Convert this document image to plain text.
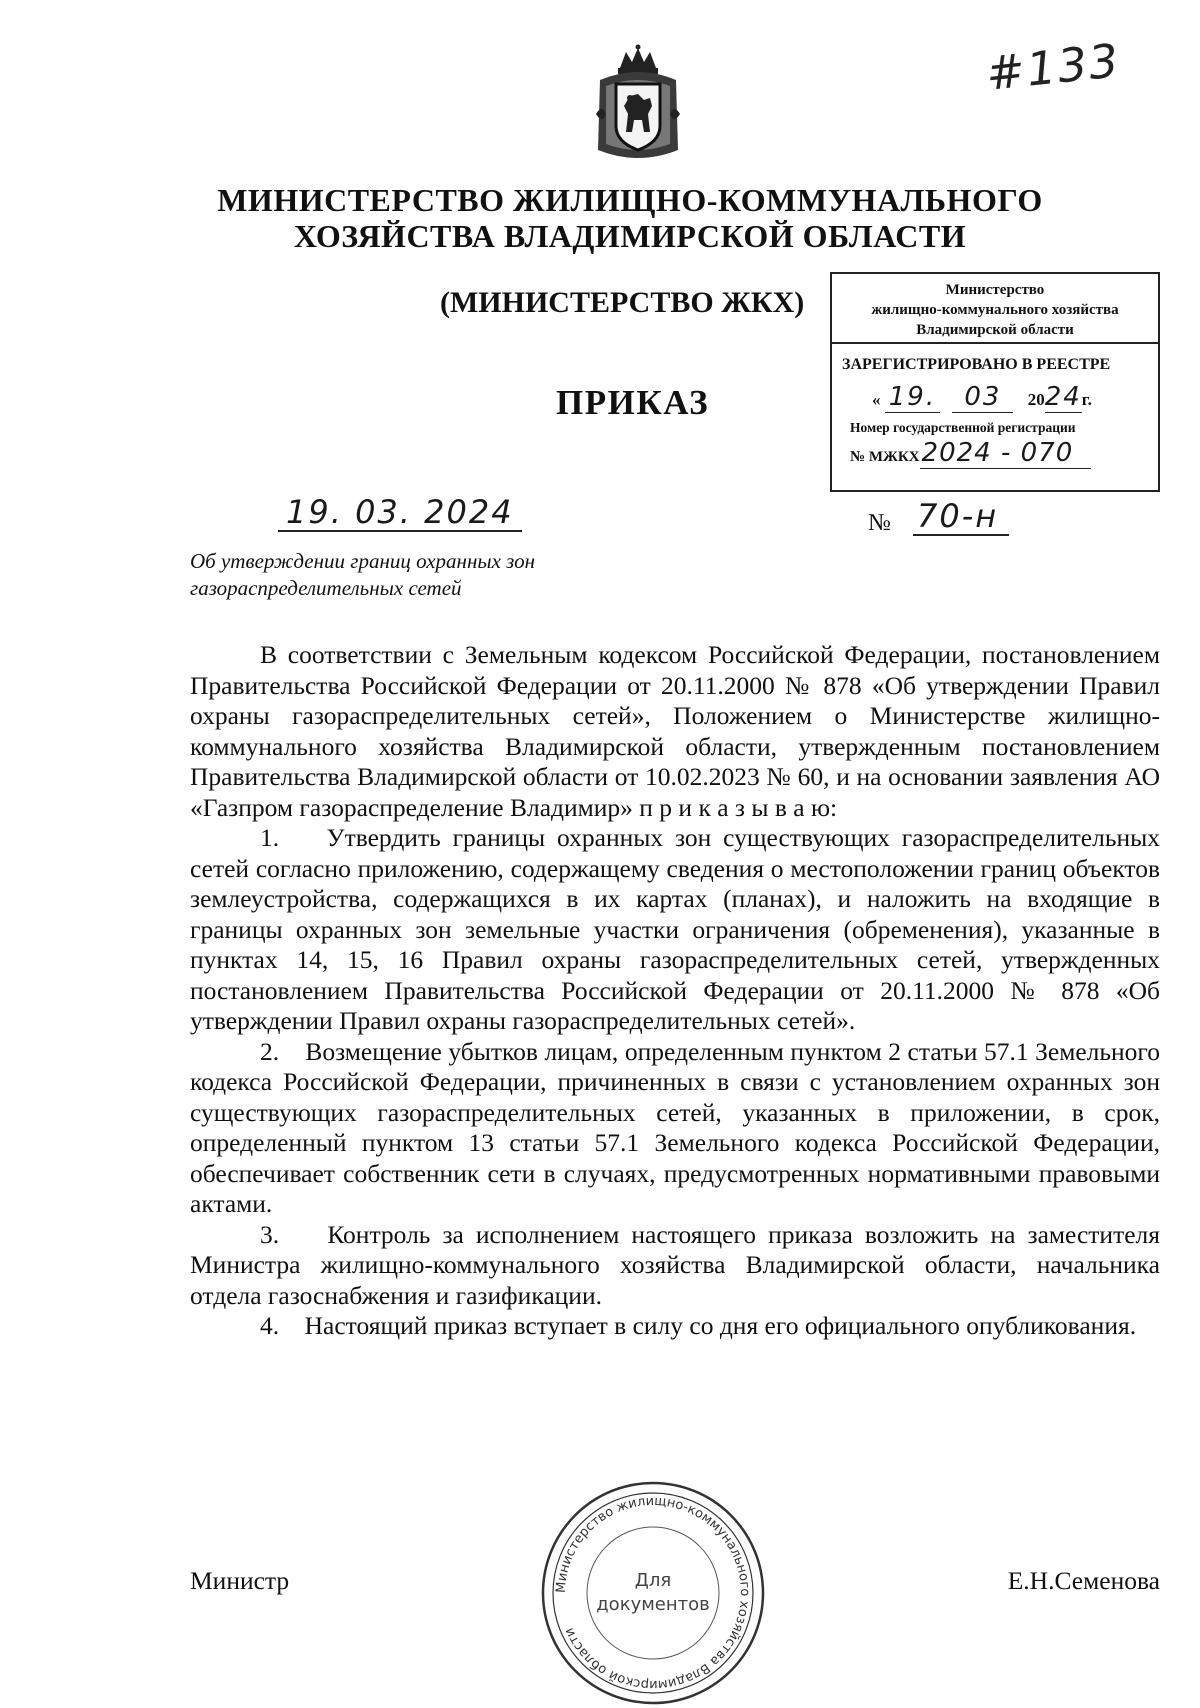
#133
МИНИСТЕРСТВО ЖИЛИЩНО-КОММУНАЛЬНОГО
ХОЗЯЙСТВА ВЛАДИМИРСКОЙ ОБЛАСТИ
(МИНИСТЕРСТВО ЖКХ)	Министерство
жилищно-коммунального хозяйства
Владимирской области
ЗАРЕГИСТРИРОВАНО В РЕЕСТРЕ
« 19. 03 2024г.
Номер государственной регистрации
№ МЖКХ2024 - 070
ПРИКАЗ
19. 03. 2024	№ 70-н
Об утверждении границ охранных зон газораспределительных сетей

В соответствии с Земельным кодексом Российской Федерации, постановлением Правительства Российской Федерации от 20.11.2000 № 878 «Об утверждении Правил охраны газораспределительных сетей», Положением о Министерстве жилищно-коммунального хозяйства Владимирской области, утвержденным постановлением Правительства Владимирской области от 10.02.2023 № 60, и на основании заявления АО «Газпром газораспределение Владимир» п р и к а з ы в а ю:

1. Утвердить границы охранных зон существующих газораспределительных сетей согласно приложению, содержащему сведения о местоположении границ объектов землеустройства, содержащихся в их картах (планах), и наложить на входящие в границы охранных зон земельные участки ограничения (обременения), указанные в пунктах 14, 15, 16 Правил охраны газораспределительных сетей, утвержденных постановлением Правительства Российской Федерации от 20.11.2000 № 878 «Об утверждении Правил охраны газораспределительных сетей».

2. Возмещение убытков лицам, определенным пунктом 2 статьи 57.1 Земельного кодекса Российской Федерации, причиненных в связи с установлением охранных зон существующих газораспределительных сетей, указанных в приложении, в срок, определенный пунктом 13 статьи 57.1 Земельного кодекса Российской Федерации, обеспечивает собственник сети в случаях, предусмотренных нормативными правовыми актами.

3. Контроль за исполнением настоящего приказа возложить на заместителя Министра жилищно-коммунального хозяйства Владимирской области, начальника отдела газоснабжения и газификации.

4. Настоящий приказ вступает в силу со дня его официального опубликования.

Министр	Е.Н.Семенова
Министерство жилищно-коммунального хозяйства Владимирской области
Для
документов
